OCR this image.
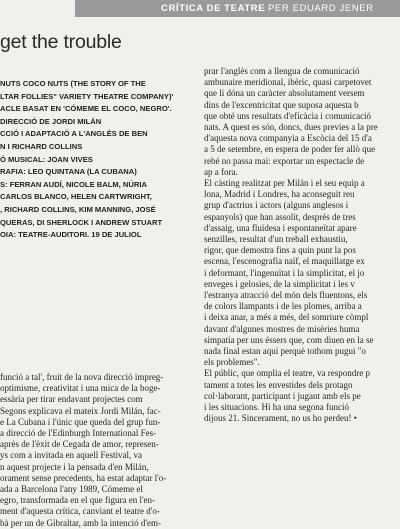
CRÍTICA DE TEATRE PER EDUARD JENER
get the trouble
NUTS COCO NUTS (THE STORY OF THE
LTAR FOLLIES" VARIETY THEATRE COMPANY)'
ACLE BASAT EN 'CÓMEME EL COCO, NEGRO'.
DIRECCIÓ DE JORDI MILÁN
CCIÓ I ADAPTACIÓ A L'ANGLÈS DE BEN
N I RICHARD COLLINS
Ó MUSICAL: JOAN VIVES
RAFIA: LEO QUINTANA (LA CUBANA)
S: FERRAN AUDÍ, NICOLE BALM, NÚRIA
CARLOS BLANCO, HELEN CARTWRIGHT,
, RICHARD COLLINS, KIM MANNING, JOSÉ
QUERAS, DI SHERLOCK I ANDREW STUART
OIA: TEATRE-AUDITORI. 19 DE JULIOL
funció a tal', fruit de la nova direcció impreg-
optimisme, creativitat i una mica de la boge-
essària per tirar endavant projectes com
Segons explicava el mateix Jordi Milán, fac-
e La Cubana i l'únic que queda del grup fun-
a direcció de l'Edinburgh International Fes-
après de l'èxit de Cegada de amor, represen-
ys com a invitada en aquell Festival, va
n aquest projecte i la pensada d'en Milán,
orament sense precedents, ha estat adaptar l'o-
ada a Barcelona l'any 1989, Cómeme el
egro, transformada en el que figura en l'en-
ment d'aquesta crítica, canviant el teatre d'o-
bà per un de Gibraltar, amb la intenció d'em-
prar l'anglès com a llengua de comunicació
ambunaire meridional, ibèric, quasi carpetovet
que li dóna un caràcter absolutament versem
dins de l'excentricitat que suposa aquesta b
que obté uns resultats d'eficàcia i comunicació
nats. A quest es són, doncs, dues previes a la pre
d'aquesta nova companyia a Escòcia del 15 d'a
a 5 de setembre, en espera de poder fer allò que
rebé no passa mai: exportar un espectacle de
ap a fora.
El càsting realitzat per Milán i el seu equip a
lona, Madrid i Londres, ha aconseguit reu
grup d'actrius i actors (alguns anglesos i
espanyols) que han assolit, després de tres
d'assaig, una fluïdesa i espontaneïtat apare
senzilles, resultat d'un treball exhaustiu,
rigor, que demostra fins a quin punt la pos
escena, l'escenografia naïf, el maquillatge ex
i deformant, l'ingenuïtat i la simplicitat, el jo
enveges i gelosies, de la simplicitat i les v
l'estranya atracció del món dels fluentons, els
de colors llampants i de les plomes, arriba a
i deixa anar, a més a més, del somriure còmpl
davant d'algunes mostres de misèries huma
simpatia per uns éssers que, com diuen en la se
nada final estan aquí perquè tothom pugui "o
els problemes".
El públic, que omplia el teatre, va respondre p
tament a totes les envestides dels protago
col·laborant, participant i jugant amb els pe
i les situacions. Hi ha una segona funció
dijous 21. Sincerament, no us ho perdeu! •
